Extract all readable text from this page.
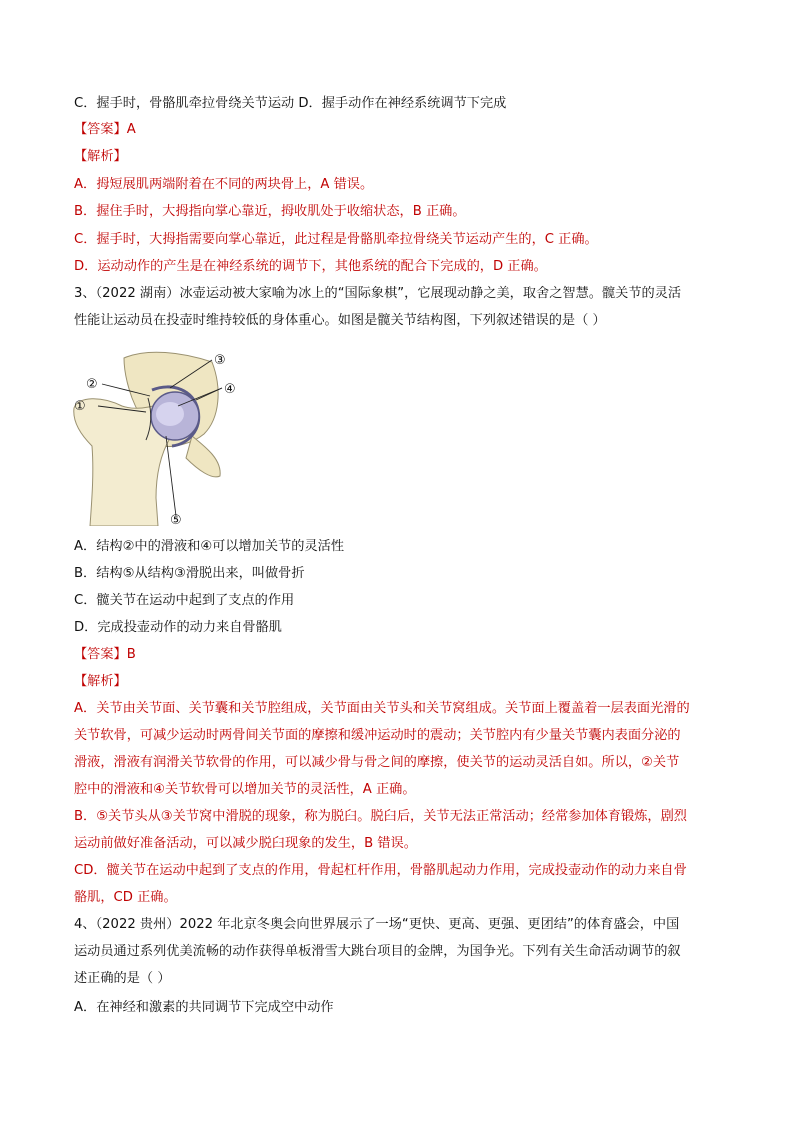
C．握手时，骨骼肌牵拉骨绕关节运动 D．握手动作在神经系统调节下完成
【答案】A
【解析】
A．拇短展肌两端附着在不同的两块骨上，A 错误。
B．握住手时，大拇指向掌心靠近，拇收肌处于收缩状态，B 正确。
C．握手时，大拇指需要向掌心靠近，此过程是骨骼肌牵拉骨绕关节运动产生的，C 正确。
D．运动动作的产生是在神经系统的调节下，其他系统的配合下完成的，D 正确。
3、（2022 湖南）冰壶运动被大家喻为冰上的“国际象棋”，它展现动静之美，取舍之智慧。髋关节的灵活
性能让运动员在投壶时维持较低的身体重心。如图是髋关节结构图，下列叙述错误的是（ ）
①
②
③
④
⑤
A．结构②中的滑液和④可以增加关节的灵活性
B．结构⑤从结构③滑脱出来，叫做骨折
C．髋关节在运动中起到了支点的作用
D．完成投壶动作的动力来自骨骼肌
【答案】B
【解析】
A．关节由关节面、关节囊和关节腔组成，关节面由关节头和关节窝组成。关节面上覆盖着一层表面光滑的
关节软骨，可减少运动时两骨间关节面的摩擦和缓冲运动时的震动；关节腔内有少量关节囊内表面分泌的
滑液，滑液有润滑关节软骨的作用，可以减少骨与骨之间的摩擦，使关节的运动灵活自如。所以，②关节
腔中的滑液和④关节软骨可以增加关节的灵活性，A 正确。
B．⑤关节头从③关节窝中滑脱的现象，称为脱臼。脱臼后，关节无法正常活动；经常参加体育锻炼，剧烈
运动前做好准备活动，可以减少脱臼现象的发生，B 错误。
CD．髋关节在运动中起到了支点的作用，骨起杠杆作用，骨骼肌起动力作用，完成投壶动作的动力来自骨
骼肌，CD 正确。
4、（2022 贵州）2022 年北京冬奥会向世界展示了一场“更快、更高、更强、更团结”的体育盛会，中国
运动员通过系列优美流畅的动作获得单板滑雪大跳台项目的金牌，为国争光。下列有关生命活动调节的叙
述正确的是（ ）
A．在神经和激素的共同调节下完成空中动作
